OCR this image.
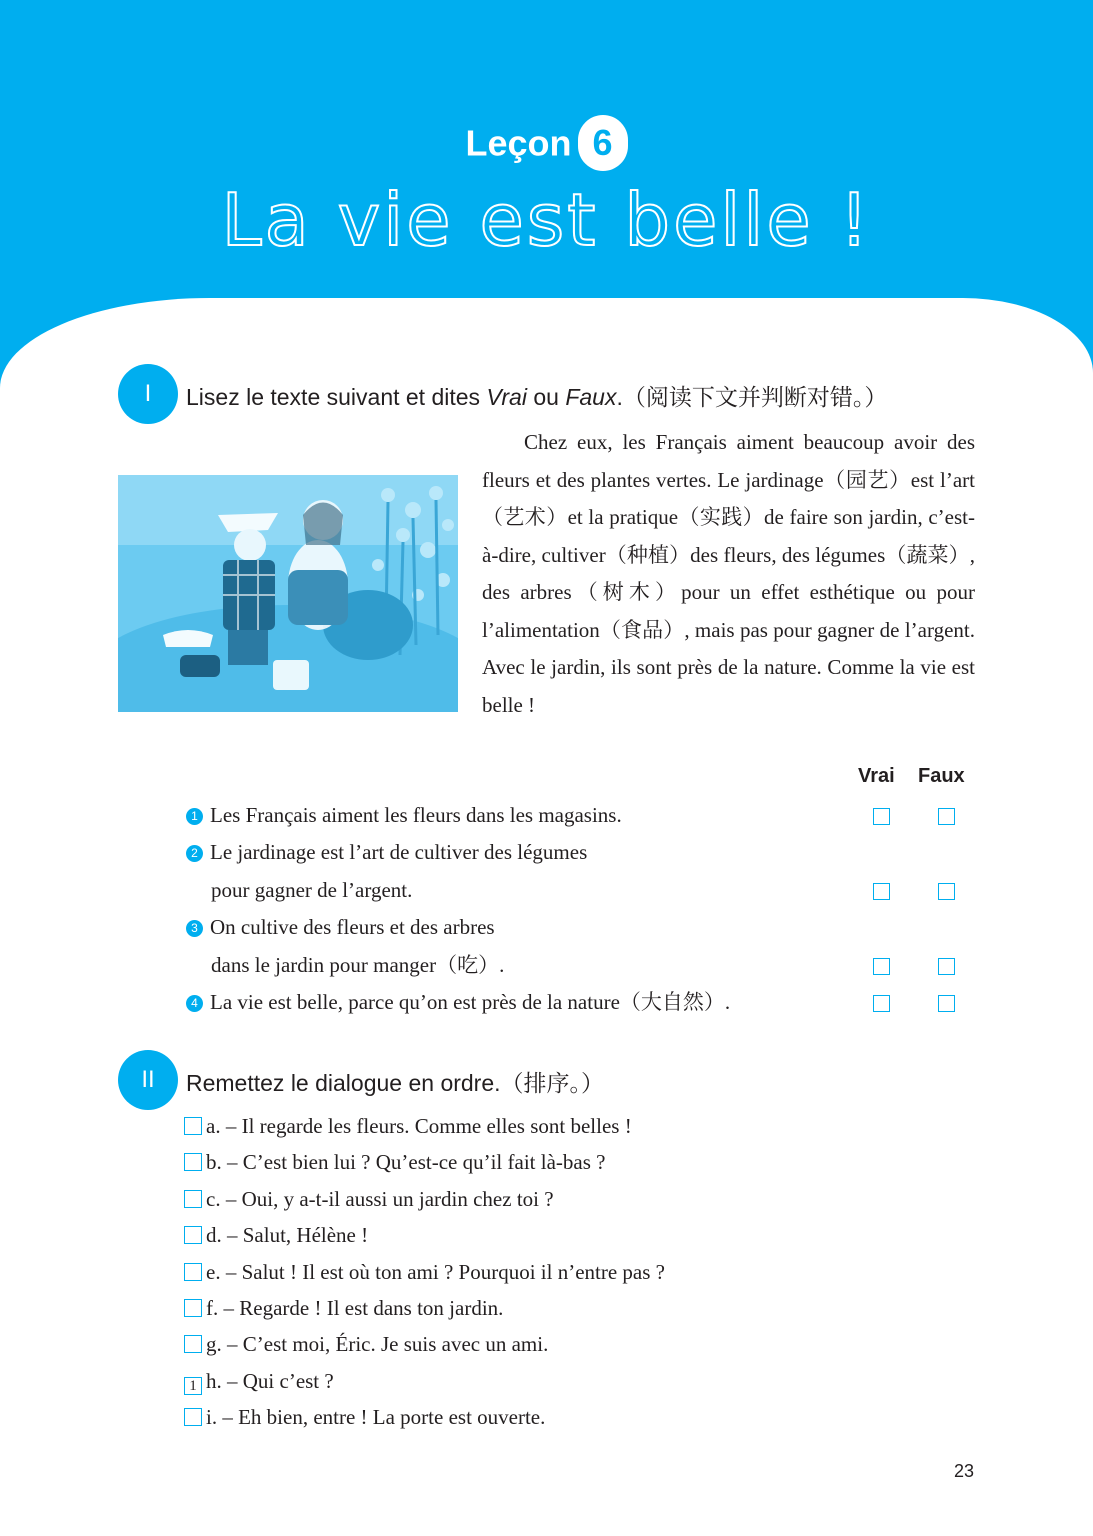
Leçon 6
La vie est belle !
I	Lisez le texte suivant et dites Vrai ou Faux.（阅读下文并判断对错。）

Chez eux, les Français aiment beaucoup avoir des fleurs et des plantes vertes. Le jardinage（园艺）est l’art（艺术）et la pratique（实践）de faire son jardin, c’est-à-dire, cultiver（种植）des fleurs, des légumes（蔬菜）, des arbres（树木）pour un effet esthétique ou pour l’alimentation（食品）, mais pas pour gagner de l’argent. Avec le jardin, ils sont près de la nature. Comme la vie est belle !

Vrai Faux
1 Les Français aiment les fleurs dans les magasins.
2 Le jardinage est l’art de cultiver des légumes
pour gagner de l’argent.
3 On cultive des fleurs et des arbres
dans le jardin pour manger（吃）.
4 La vie est belle, parce qu’on est près de la nature（大自然）.
II	Remettez le dialogue en ordre.（排序。）
a. – Il regarde les fleurs. Comme elles sont belles !
b. – C’est bien lui ? Qu’est-ce qu’il fait là-bas ?
c. – Oui, y a-t-il aussi un jardin chez toi ?
d. – Salut, Hélène !
e. – Salut ! Il est où ton ami ? Pourquoi il n’entre pas ?
f. – Regarde ! Il est dans ton jardin.
g. – C’est moi, Éric. Je suis avec un ami.
1 h. – Qui c’est ?
i. – Eh bien, entre ! La porte est ouverte.
23
